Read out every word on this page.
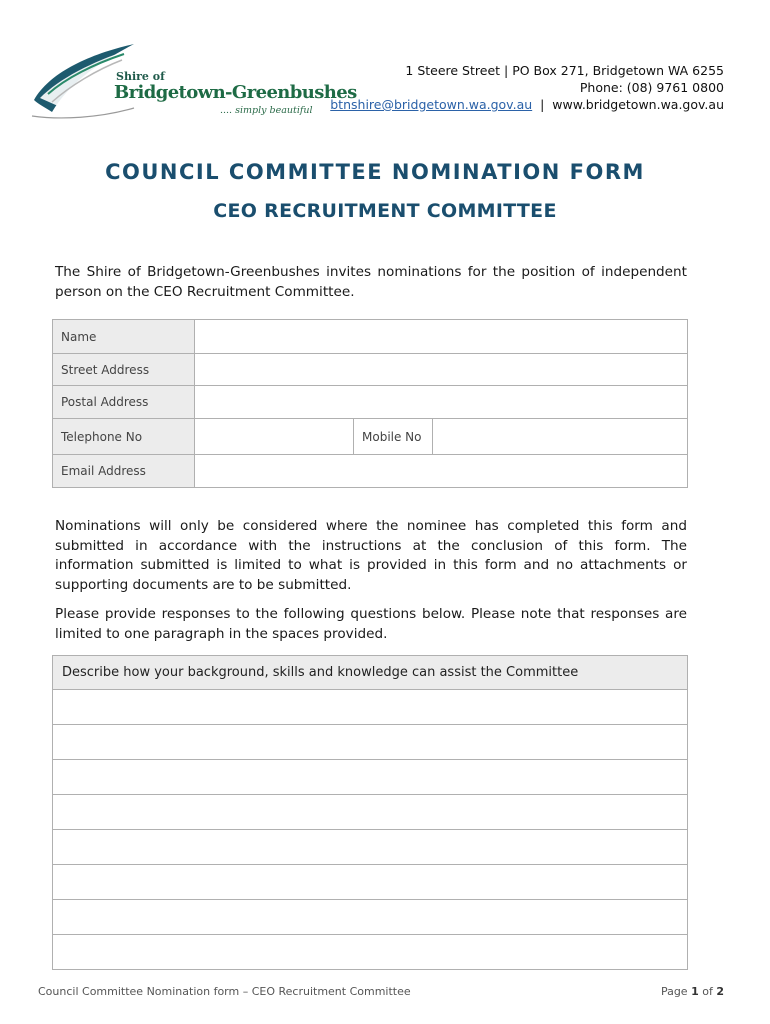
Shire of
Bridgetown-Greenbushes
.... simply beautiful
1 Steere Street | PO Box 271, Bridgetown WA 6255
Phone: (08) 9761 0800
btnshire@bridgetown.wa.gov.au | www.bridgetown.wa.gov.au
COUNCIL COMMITTEE NOMINATION FORM
CEO RECRUITMENT COMMITTEE
The Shire of Bridgetown-Greenbushes invites nominations for the position of independent person on the CEO Recruitment Committee.
Name	
Street Address	
Postal Address	
Telephone No		Mobile No	
Email Address	
Nominations will only be considered where the nominee has completed this form and submitted in accordance with the instructions at the conclusion of this form. The information submitted is limited to what is provided in this form and no attachments or supporting documents are to be submitted.
Please provide responses to the following questions below. Please note that responses are limited to one paragraph in the spaces provided.
Describe how your background, skills and knowledge can assist the Committee

Council Committee Nomination form – CEO Recruitment Committee	Page 1 of 2
